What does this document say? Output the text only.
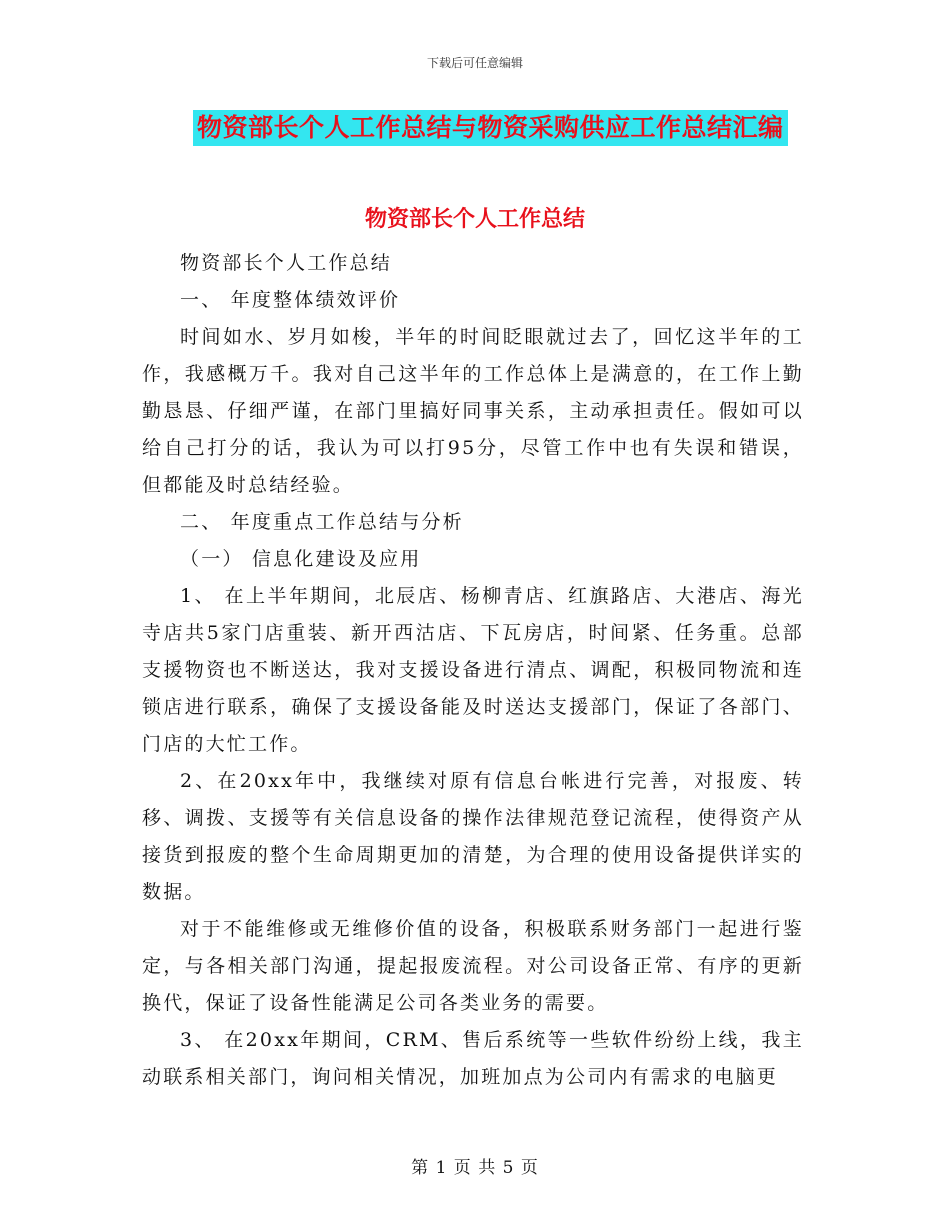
下载后可任意编辑
物资部长个人工作总结与物资采购供应工作总结汇编
物资部长个人工作总结

物资部长个人工作总结

一、 年度整体绩效评价

时间如水、岁月如梭，半年的时间眨眼就过去了，回忆这半年的工作，我感概万千。我对自己这半年的工作总体上是满意的，在工作上勤勤恳恳、仔细严谨，在部门里搞好同事关系，主动承担责任。假如可以给自己打分的话，我认为可以打95分，尽管工作中也有失误和错误，但都能及时总结经验。

二、 年度重点工作总结与分析

（一） 信息化建设及应用

1、 在上半年期间，北辰店、杨柳青店、红旗路店、大港店、海光寺店共5家门店重装、新开西沽店、下瓦房店，时间紧、任务重。总部支援物资也不断送达，我对支援设备进行清点、调配，积极同物流和连锁店进行联系，确保了支援设备能及时送达支援部门，保证了各部门、门店的大忙工作。

2、在20xx年中，我继续对原有信息台帐进行完善，对报废、转移、调拨、支援等有关信息设备的操作法律规范登记流程，使得资产从接货到报废的整个生命周期更加的清楚，为合理的使用设备提供详实的数据。

对于不能维修或无维修价值的设备，积极联系财务部门一起进行鉴定，与各相关部门沟通，提起报废流程。对公司设备正常、有序的更新换代，保证了设备性能满足公司各类业务的需要。

3、 在20xx年期间，CRM、售后系统等一些软件纷纷上线，我主动联系相关部门，询问相关情况，加班加点为公司内有需求的电脑更

第 1 页 共 5 页
